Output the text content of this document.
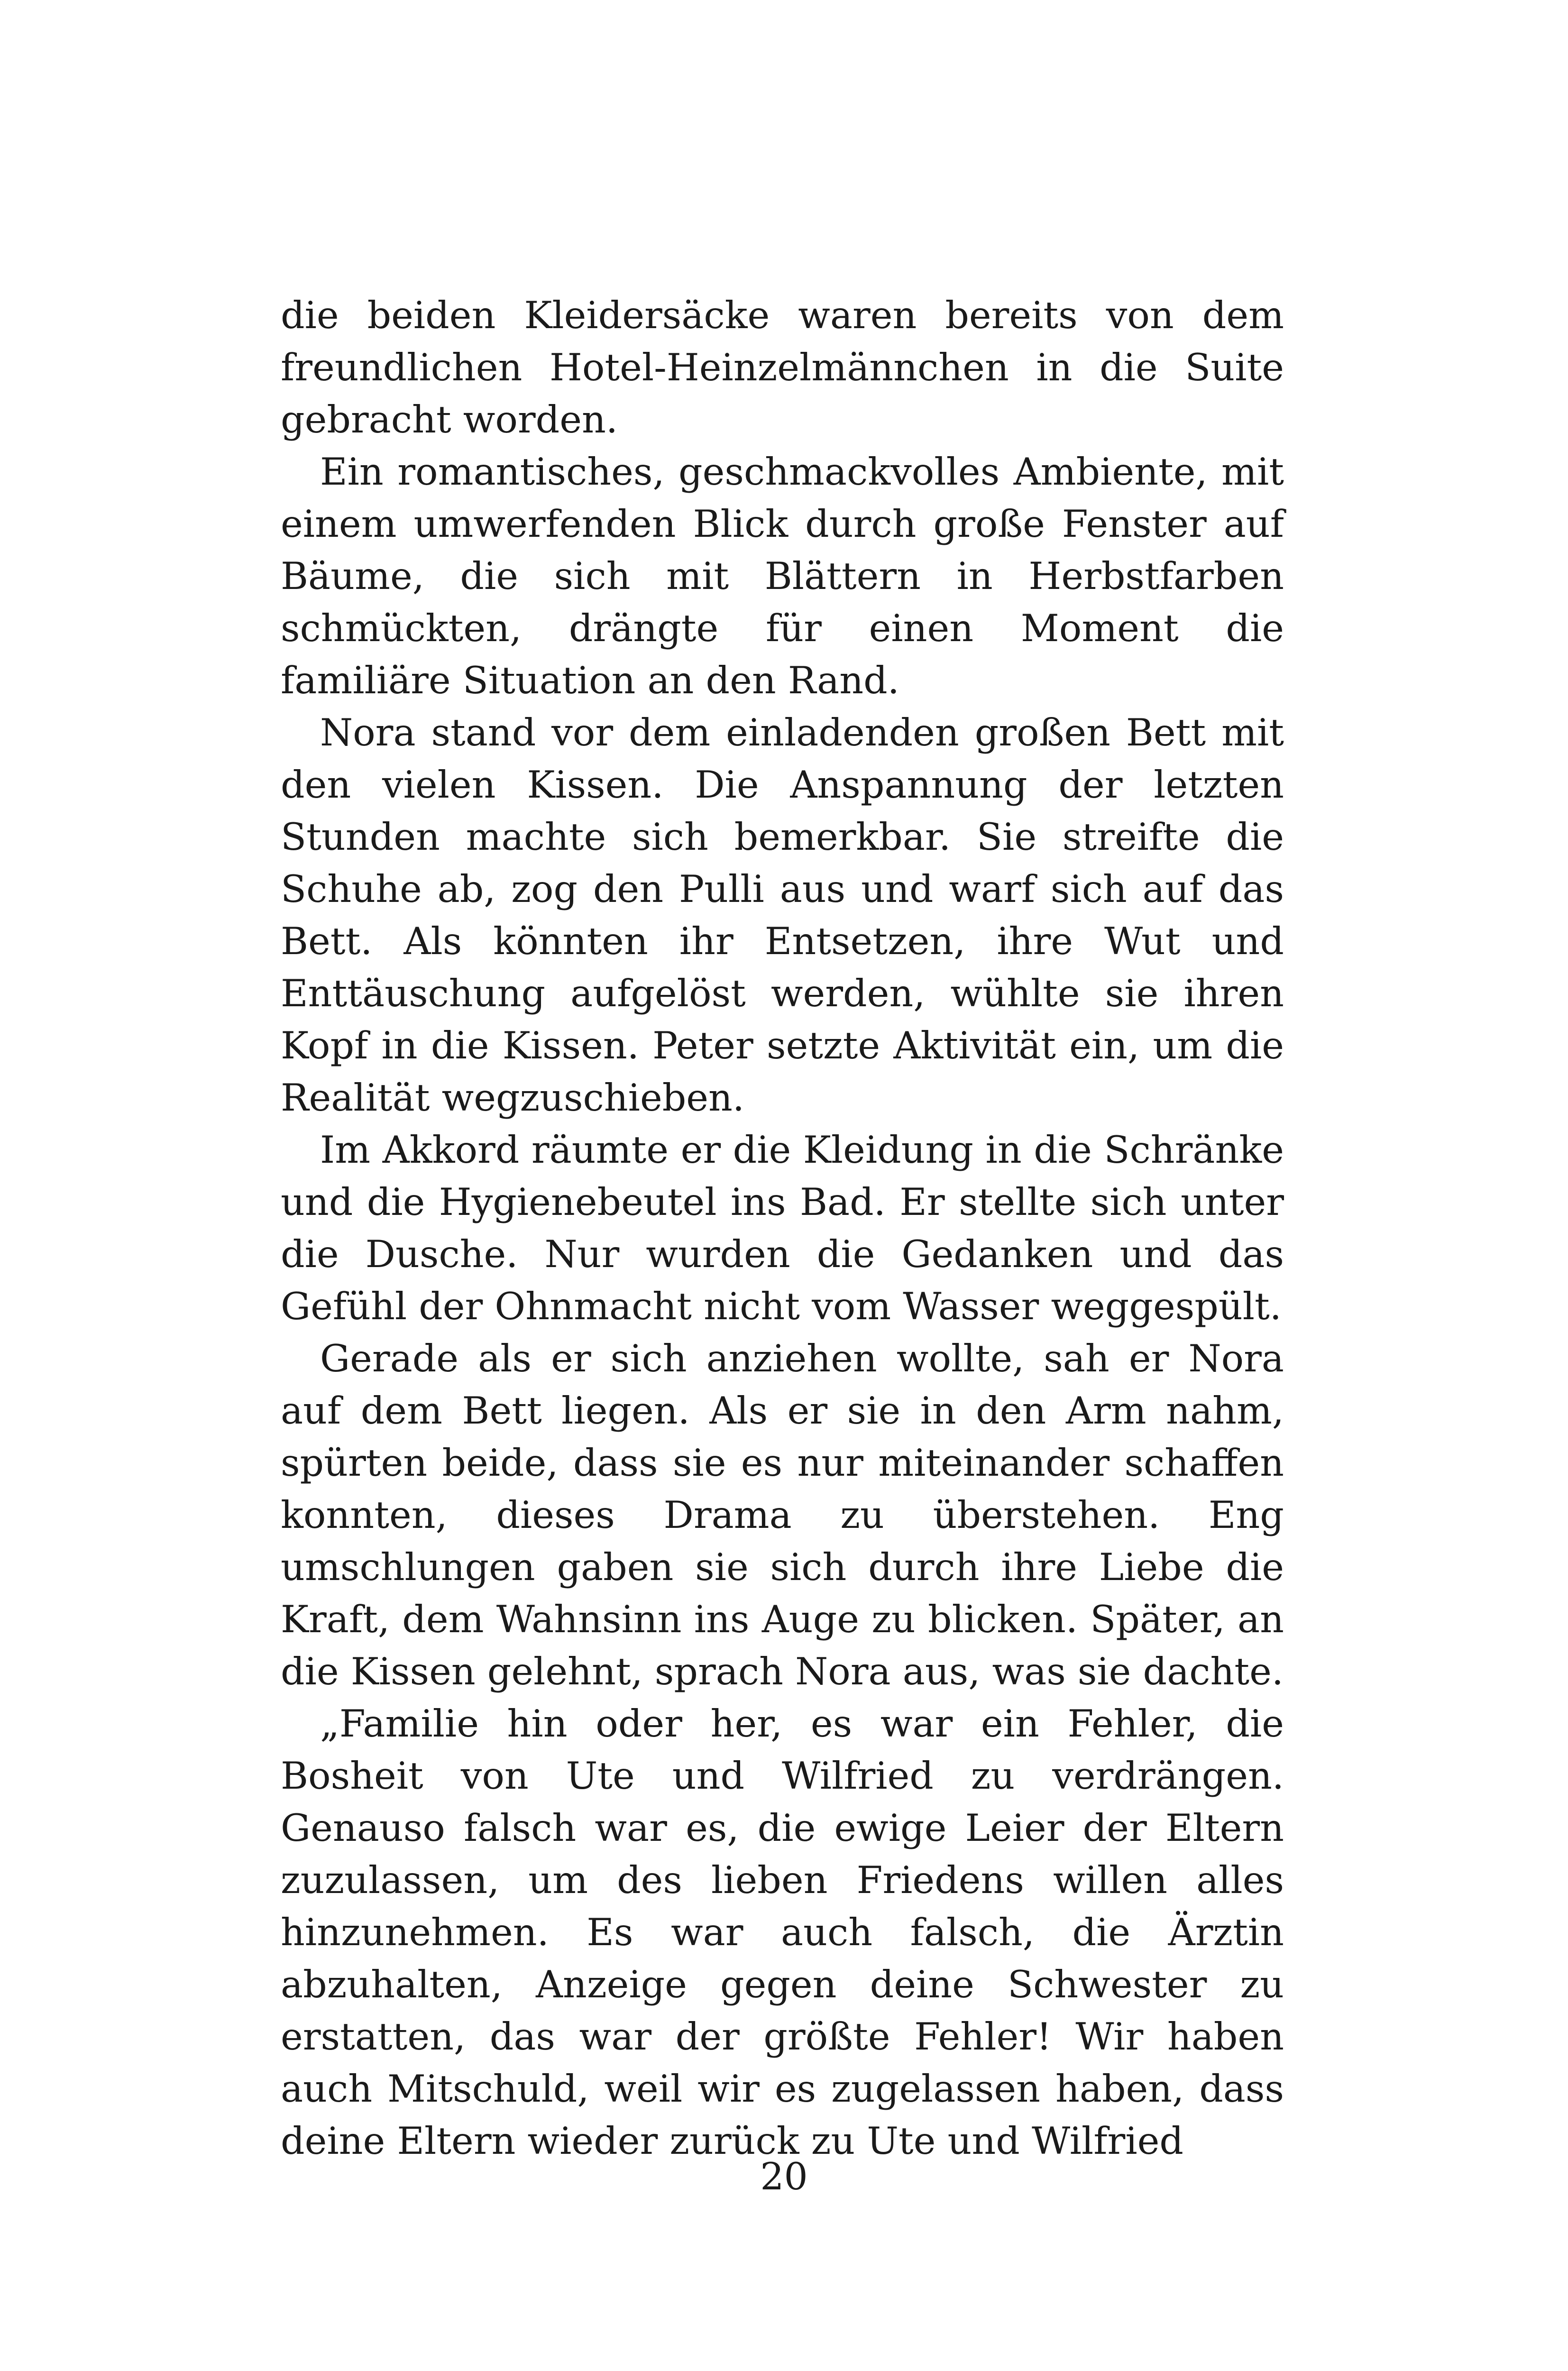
die beiden Kleidersäcke waren bereits von dem freundlichen Hotel-Heinzelmännchen in die Suite gebracht worden.

Ein romantisches, geschmackvolles Ambiente, mit einem umwerfenden Blick durch große Fenster auf Bäume, die sich mit Blättern in Herbstfarben schmückten, drängte für einen Moment die familiäre Situation an den Rand.

Nora stand vor dem einladenden großen Bett mit den vielen Kissen. Die Anspannung der letzten Stunden machte sich bemerkbar. Sie streifte die Schuhe ab, zog den Pulli aus und warf sich auf das Bett. Als könnten ihr Entsetzen, ihre Wut und Enttäuschung aufgelöst werden, wühlte sie ihren Kopf in die Kissen. Peter setzte Aktivität ein, um die Realität wegzuschieben.

Im Akkord räumte er die Kleidung in die Schränke und die Hygienebeutel ins Bad. Er stellte sich unter die Dusche. Nur wurden die Gedanken und das Gefühl der Ohnmacht nicht vom Wasser weggespült.

Gerade als er sich anziehen wollte, sah er Nora auf dem Bett liegen. Als er sie in den Arm nahm, spürten beide, dass sie es nur miteinander schaffen konnten, dieses Drama zu überstehen. Eng umschlungen gaben sie sich durch ihre Liebe die Kraft, dem Wahnsinn ins Auge zu blicken. Später, an die Kissen gelehnt, sprach Nora aus, was sie dachte.

„Familie hin oder her, es war ein Fehler, die Bosheit von Ute und Wilfried zu verdrängen. Genauso falsch war es, die ewige Leier der Eltern zuzulassen, um des lieben Friedens willen alles hinzunehmen. Es war auch falsch, die Ärztin abzuhalten, Anzeige gegen deine Schwester zu erstatten, das war der größte Fehler! Wir haben auch Mitschuld, weil wir es zugelassen haben, dass deine Eltern wieder zurück zu Ute und Wilfried

20
